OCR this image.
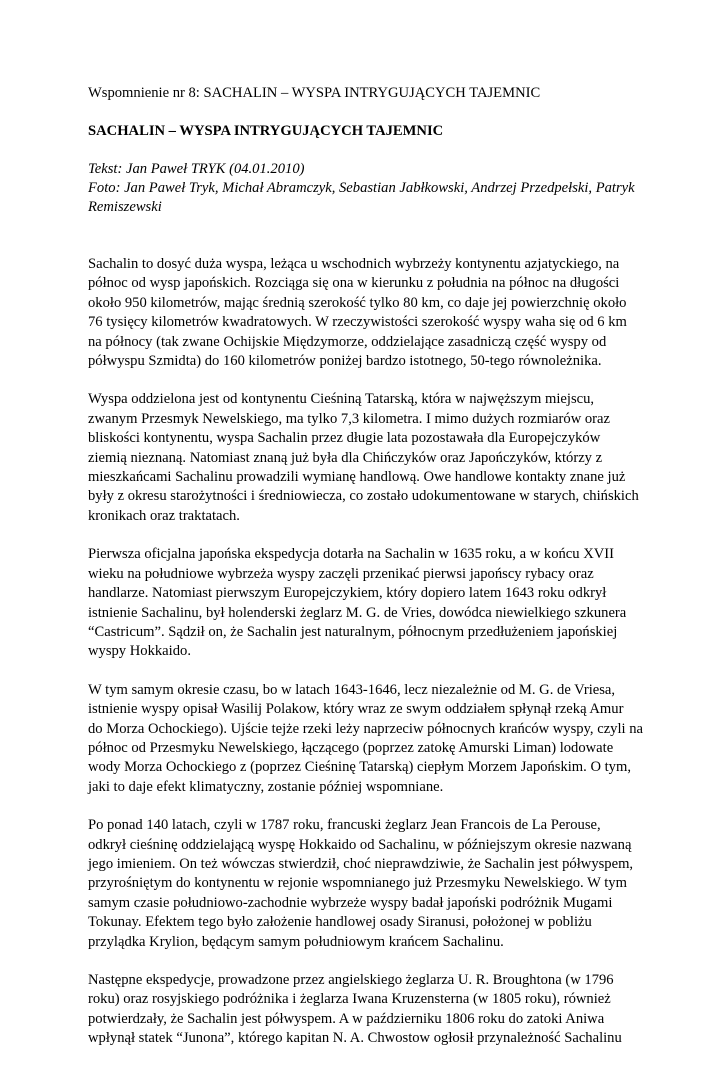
Wspomnienie nr 8: SACHALIN – WYSPA INTRYGUJĄCYCH TAJEMNIC

SACHALIN – WYSPA INTRYGUJĄCYCH TAJEMNIC

Tekst: Jan Paweł TRYK (04.01.2010)
Foto: Jan Paweł Tryk, Michał Abramczyk, Sebastian Jabłkowski, Andrzej Przedpełski, Patryk
Remiszewski

Sachalin to dosyć duża wyspa, leżąca u wschodnich wybrzeży kontynentu azjatyckiego, na
północ od wysp japońskich. Rozciąga się ona w kierunku z południa na północ na długości
około 950 kilometrów, mając średnią szerokość tylko 80 km, co daje jej powierzchnię około
76 tysięcy kilometrów kwadratowych. W rzeczywistości szerokość wyspy waha się od 6 km
na północy (tak zwane Ochijskie Międzymorze, oddzielające zasadniczą część wyspy od
półwyspu Szmidta) do 160 kilometrów poniżej bardzo istotnego, 50-tego równoleżnika.

Wyspa oddzielona jest od kontynentu Cieśniną Tatarską, która w najwęższym miejscu,
zwanym Przesmyk Newelskiego, ma tylko 7,3 kilometra. I mimo dużych rozmiarów oraz
bliskości kontynentu, wyspa Sachalin przez długie lata pozostawała dla Europejczyków
ziemią nieznaną. Natomiast znaną już była dla Chińczyków oraz Japończyków, którzy z
mieszkańcami Sachalinu prowadzili wymianę handlową. Owe handlowe kontakty znane już
były z okresu starożytności i średniowiecza, co zostało udokumentowane w starych, chińskich
kronikach oraz traktatach.

Pierwsza oficjalna japońska ekspedycja dotarła na Sachalin w 1635 roku, a w końcu XVII
wieku na południowe wybrzeża wyspy zaczęli przenikać pierwsi japońscy rybacy oraz
handlarze. Natomiast pierwszym Europejczykiem, który dopiero latem 1643 roku odkrył
istnienie Sachalinu, był holenderski żeglarz M. G. de Vries, dowódca niewielkiego szkunera
“Castricum”. Sądził on, że Sachalin jest naturalnym, północnym przedłużeniem japońskiej
wyspy Hokkaido.

W tym samym okresie czasu, bo w latach 1643-1646, lecz niezależnie od M. G. de Vriesa,
istnienie wyspy opisał Wasilij Polakow, który wraz ze swym oddziałem spłynął rzeką Amur
do Morza Ochockiego). Ujście tejże rzeki leży naprzeciw północnych krańców wyspy, czyli na
północ od Przesmyku Newelskiego, łączącego (poprzez zatokę Amurski Liman) lodowate
wody Morza Ochockiego z (poprzez Cieśninę Tatarską) ciepłym Morzem Japońskim. O tym,
jaki to daje efekt klimatyczny, zostanie później wspomniane.

Po ponad 140 latach, czyli w 1787 roku, francuski żeglarz Jean Francois de La Perouse,
odkrył cieśninę oddzielającą wyspę Hokkaido od Sachalinu, w późniejszym okresie nazwaną
jego imieniem. On też wówczas stwierdził, choć nieprawdziwie, że Sachalin jest półwyspem,
przyrośniętym do kontynentu w rejonie wspomnianego już Przesmyku Newelskiego. W tym
samym czasie południowo-zachodnie wybrzeże wyspy badał japoński podróżnik Mugami
Tokunay. Efektem tego było założenie handlowej osady Siranusi, położonej w pobliżu
przylądka Krylion, będącym samym południowym krańcem Sachalinu.

Następne ekspedycje, prowadzone przez angielskiego żeglarza U. R. Broughtona (w 1796
roku) oraz rosyjskiego podróżnika i żeglarza Iwana Kruzensterna (w 1805 roku), również
potwierdzały, że Sachalin jest półwyspem. A w październiku 1806 roku do zatoki Aniwa
wpłynął statek “Junona”, którego kapitan N. A. Chwostow ogłosił przynależność Sachalinu
